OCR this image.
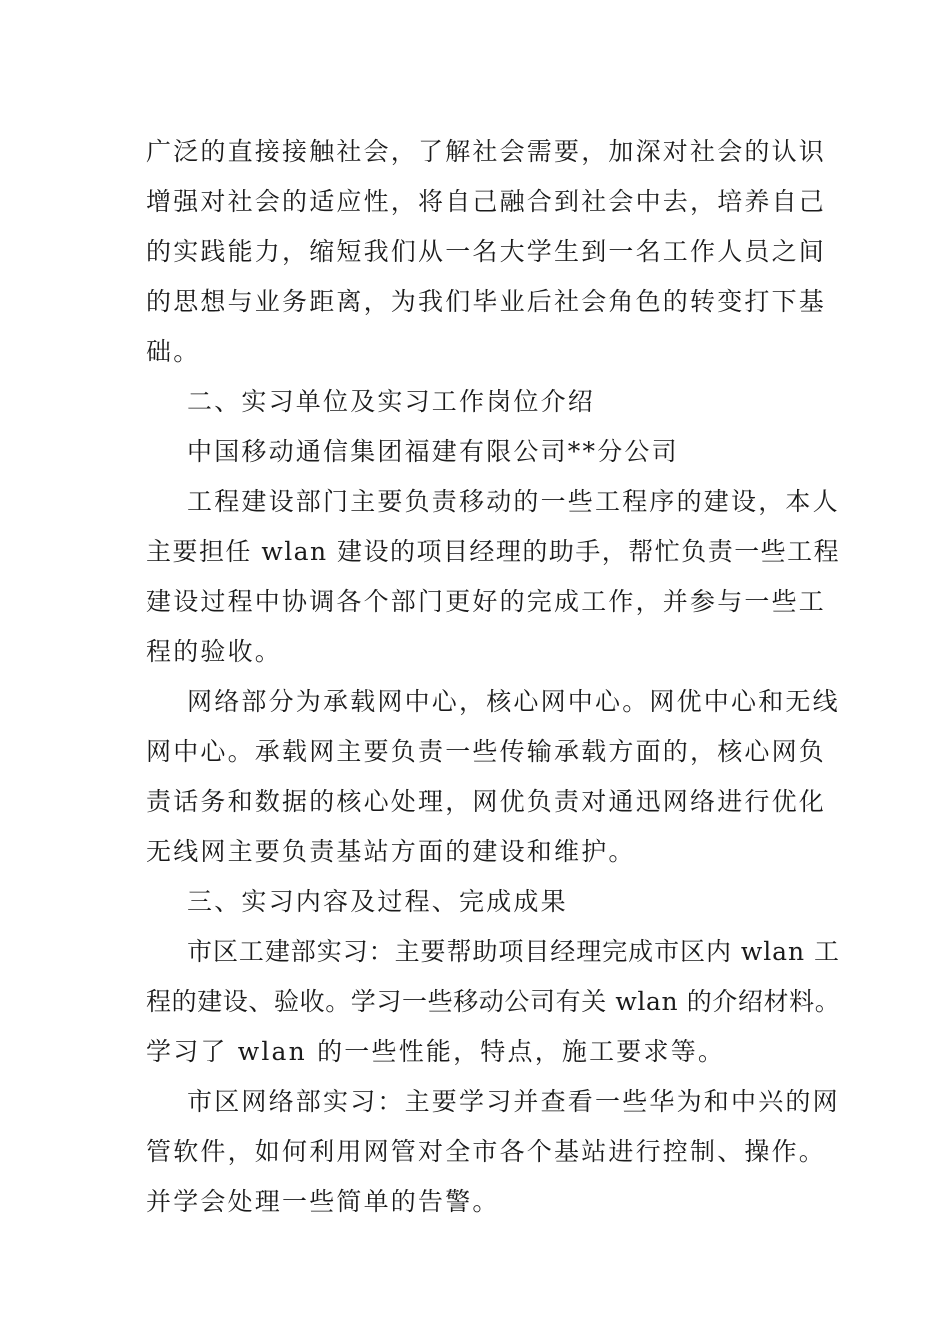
广泛的直接接触社会，了解社会需要，加深对社会的认识
增强对社会的适应性，将自己融合到社会中去，培养自己
的实践能力，缩短我们从一名大学生到一名工作人员之间
的思想与业务距离，为我们毕业后社会角色的转变打下基
础。
二、实习单位及实习工作岗位介绍
中国移动通信集团福建有限公司**分公司
工程建设部门主要负责移动的一些工程序的建设，本人
主要担任 wlan 建设的项目经理的助手，帮忙负责一些工程
建设过程中协调各个部门更好的完成工作，并参与一些工
程的验收。
网络部分为承载网中心，核心网中心。网优中心和无线
网中心。承载网主要负责一些传输承载方面的，核心网负
责话务和数据的核心处理，网优负责对通迅网络进行优化
无线网主要负责基站方面的建设和维护。
三、实习内容及过程、完成成果
市区工建部实习：主要帮助项目经理完成市区内 wlan 工
程的建设、验收。学习一些移动公司有关 wlan 的介绍材料。
学习了 wlan 的一些性能，特点，施工要求等。
市区网络部实习：主要学习并查看一些华为和中兴的网
管软件，如何利用网管对全市各个基站进行控制、操作。
并学会处理一些简单的告警。
